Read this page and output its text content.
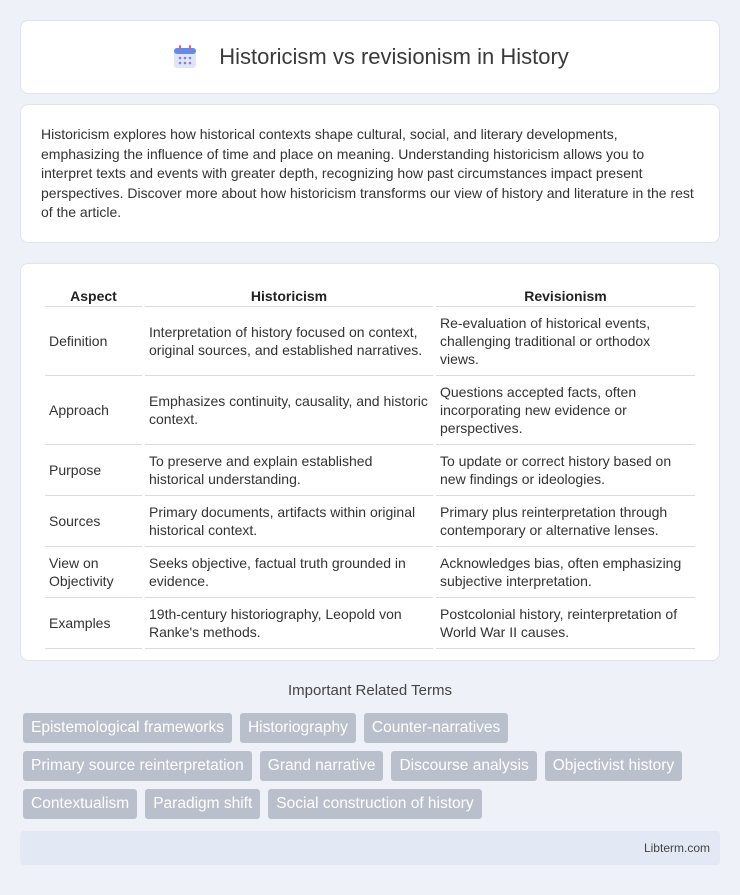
Historicism vs revisionism in History

Historicism explores how historical contexts shape cultural, social, and literary developments, emphasizing the influence of time and place on meaning. Understanding historicism allows you to interpret texts and events with greater depth, recognizing how past circumstances impact present perspectives. Discover more about how historicism transforms our view of history and literature in the rest of the article.

Aspect	Historicism	Revisionism
Definition	Interpretation of history focused on context, original sources, and established narratives.	Re-evaluation of historical events, challenging traditional or orthodox views.
Approach	Emphasizes continuity, causality, and historic context.	Questions accepted facts, often incorporating new evidence or perspectives.
Purpose	To preserve and explain established historical understanding.	To update or correct history based on new findings or ideologies.
Sources	Primary documents, artifacts within original historical context.	Primary plus reinterpretation through contemporary or alternative lenses.
View on Objectivity	Seeks objective, factual truth grounded in evidence.	Acknowledges bias, often emphasizing subjective interpretation.
Examples	19th-century historiography, Leopold von Ranke's methods.	Postcolonial history, reinterpretation of World War II causes.
Important Related Terms
Epistemological frameworks	Historiography	Counter-narratives
Primary source reinterpretation	Grand narrative	Discourse analysis	Objectivist history
Contextualism	Paradigm shift	Social construction of history
Libterm.com
